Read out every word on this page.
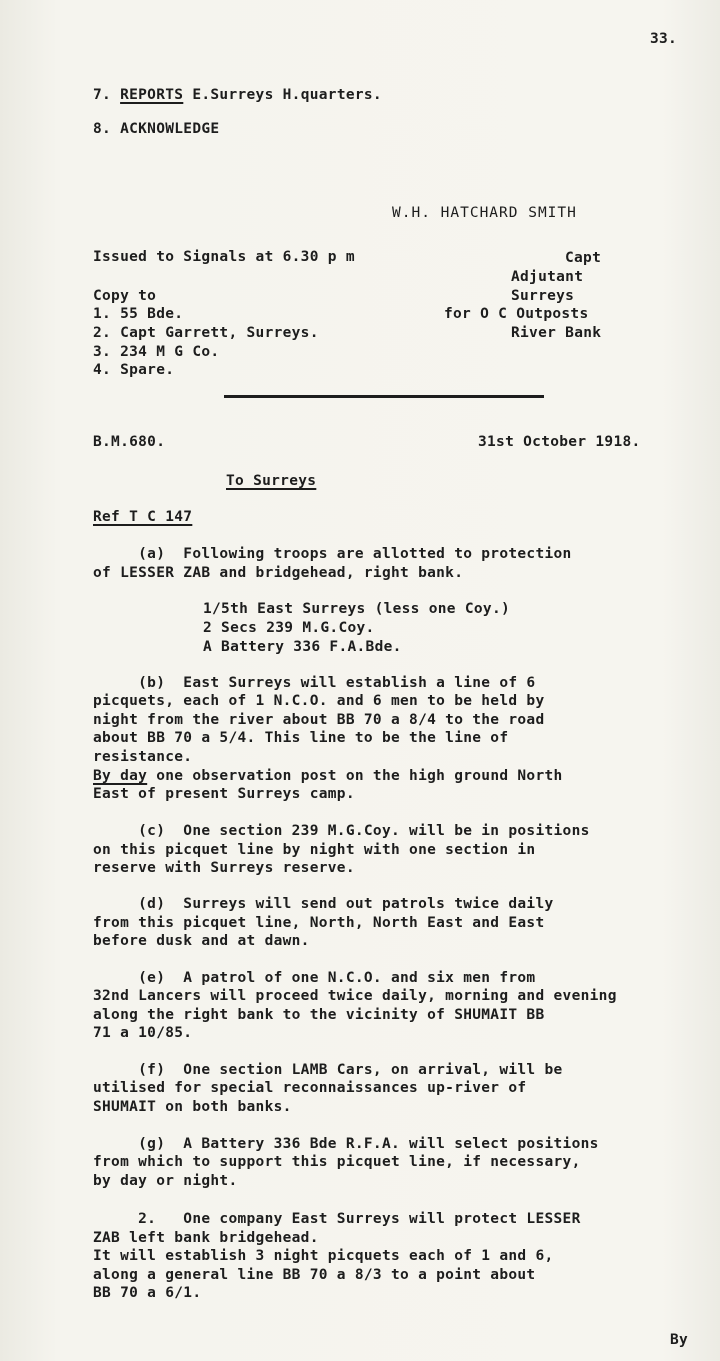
33.
7. REPORTS E.Surreys H.quarters.
8. ACKNOWLEDGE
W.H. HATCHARD SMITH
Issued to Signals at 6.30 p m	Capt
Adjutant
Surreys
for O C Outposts
River Bank
Copy to
1. 55 Bde.
2. Capt Garrett, Surreys.
3. 234 M G Co.
4. Spare.
B.M.680.	31st October 1918.
To Surreys
Ref T C 147
(a)  Following troops are allotted to protection
of LESSER ZAB and bridgehead, right bank.
1/5th East Surreys (less one Coy.)
2 Secs 239 M.G.Coy.
A Battery 336 F.A.Bde.
(b)  East Surreys will establish a line of 6
picquets, each of 1 N.C.O. and 6 men to be held by
night from the river about BB 70 a 8/4 to the road
about BB 70 a 5/4. This line to be the line of
resistance.
By day one observation post on the high ground North
East of present Surreys camp.
(c)  One section 239 M.G.Coy. will be in positions
on this picquet line by night with one section in
reserve with Surreys reserve.
(d)  Surreys will send out patrols twice daily
from this picquet line, North, North East and East
before dusk and at dawn.
(e)  A patrol of one N.C.O. and six men from
32nd Lancers will proceed twice daily, morning and evening
along the right bank to the vicinity of SHUMAIT BB
71 a 10/85.
(f)  One section LAMB Cars, on arrival, will be
utilised for special reconnaissances up-river of
SHUMAIT on both banks.
(g)  A Battery 336 Bde R.F.A. will select positions
from which to support this picquet line, if necessary,
by day or night.
2.   One company East Surreys will protect LESSER
ZAB left bank bridgehead.
It will establish 3 night picquets each of 1 and 6,
along a general line BB 70 a 8/3 to a point about
BB 70 a 6/1.
By
